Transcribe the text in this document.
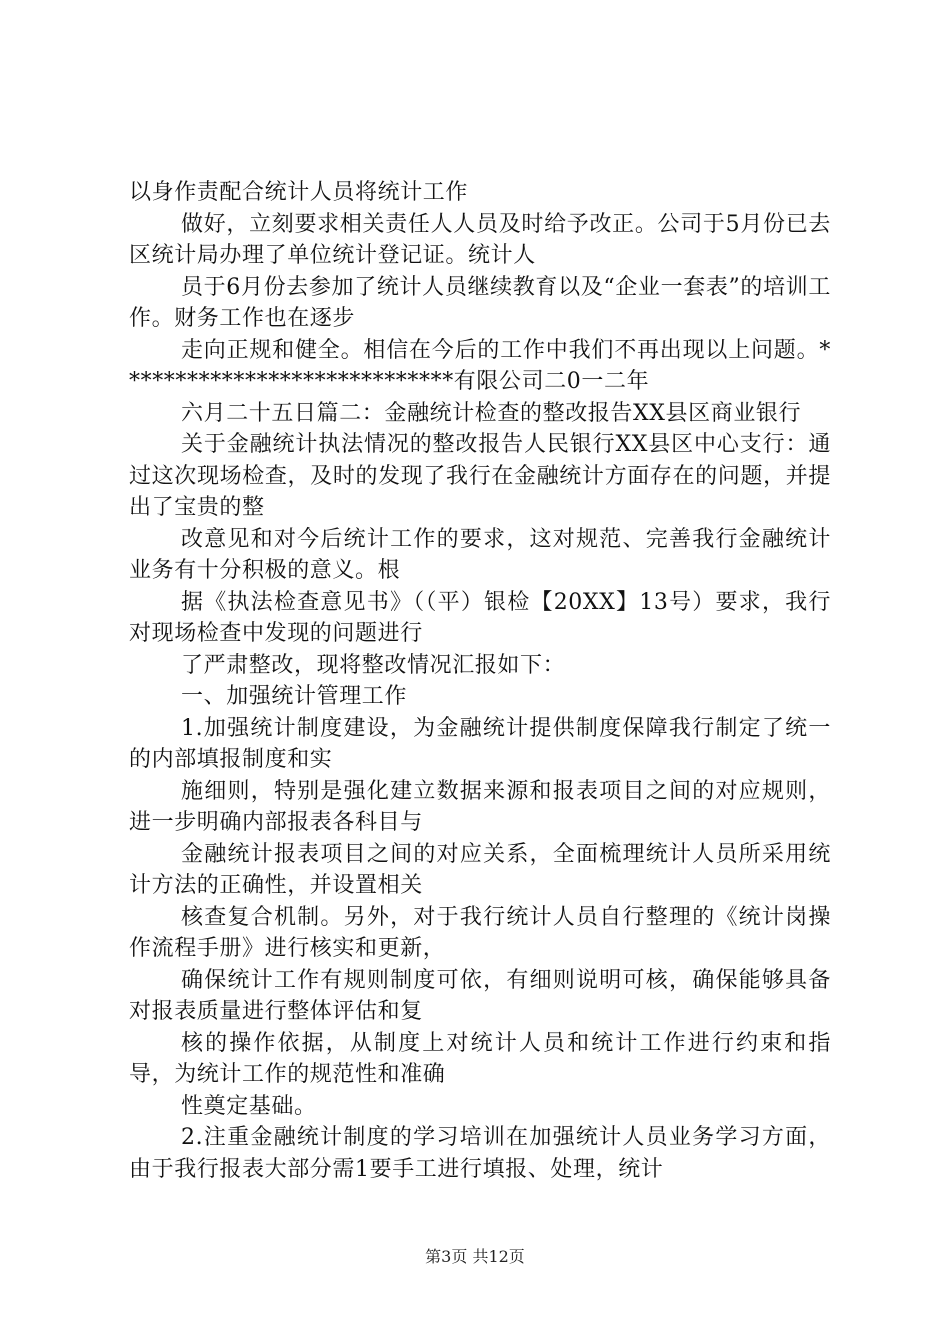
以身作责配合统计人员将统计工作

做好，立刻要求相关责任人人员及时给予改正。公司于5月份已去区统计局办理了单位统计登记证。统计人

员于6月份去参加了统计人员继续教育以及“企业一套表”的培训工作。财务工作也在逐步

走向正规和健全。相信在今后的工作中我们不再出现以上问题。*****************************有限公司二0一二年

六月二十五日篇二：金融统计检查的整改报告XX县区商业银行

关于金融统计执法情况的整改报告人民银行XX县区中心支行：通过这次现场检查，及时的发现了我行在金融统计方面存在的问题，并提出了宝贵的整

改意见和对今后统计工作的要求，这对规范、完善我行金融统计业务有十分积极的意义。根

据《执法检查意见书》（（平）银检【20XX】13号）要求，我行对现场检查中发现的问题进行

了严肃整改，现将整改情况汇报如下：

一、加强统计管理工作

1.加强统计制度建设，为金融统计提供制度保障我行制定了统一的内部填报制度和实

施细则，特别是强化建立数据来源和报表项目之间的对应规则，进一步明确内部报表各科目与

金融统计报表项目之间的对应关系，全面梳理统计人员所采用统计方法的正确性，并设置相关

核查复合机制。另外，对于我行统计人员自行整理的《统计岗操作流程手册》进行核实和更新，

确保统计工作有规则制度可依，有细则说明可核，确保能够具备对报表质量进行整体评估和复

核的操作依据，从制度上对统计人员和统计工作进行约束和指导，为统计工作的规范性和准确

性奠定基础。

2.注重金融统计制度的学习培训在加强统计人员业务学习方面，由于我行报表大部分需1要手工进行填报、处理，统计

第3页 共12页
